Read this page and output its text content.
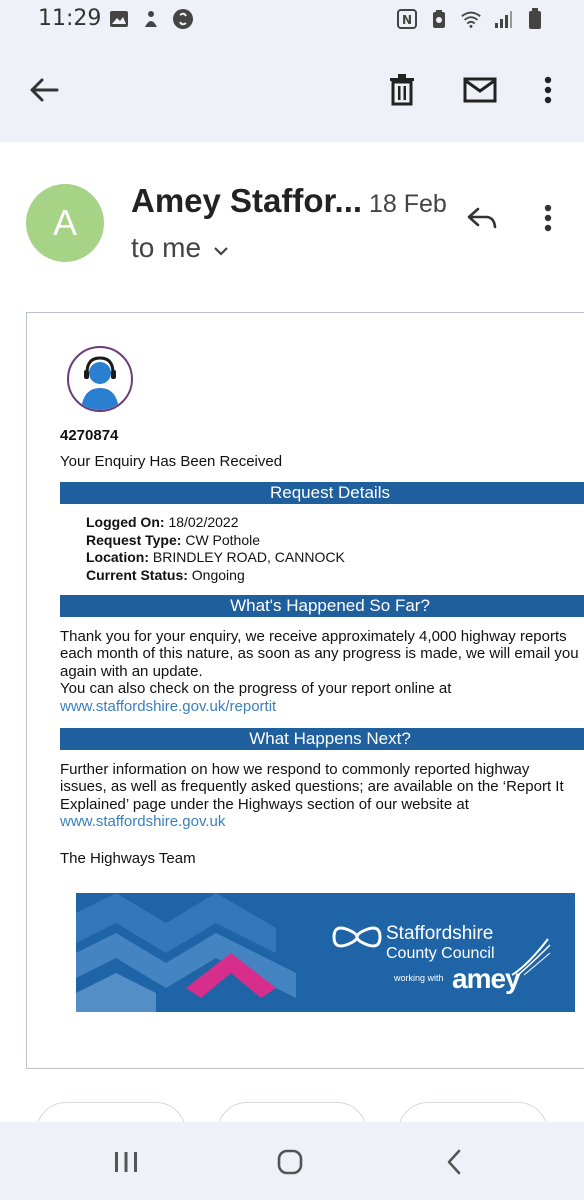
11:29	N
A
Amey Staffor... 18 Feb
to me
4270874
Your Enquiry Has Been Received
Request Details
Logged On: 18/02/2022
Request Type: CW Pothole
Location: BRINDLEY ROAD, CANNOCK
Current Status: Ongoing
What's Happened So Far?
Thank you for your enquiry, we receive approximately 4,000 highway reports
each month of this nature, as soon as any progress is made, we will email you
again with an update.
You can also check on the progress of your report online at
www.staffordshire.gov.uk/reportit
What Happens Next?
Further information on how we respond to commonly reported highway
issues, as well as frequently asked questions; are available on the ‘Report It
Explained’ page under the Highways section of our website at
www.staffordshire.gov.uk
The Highways Team
Staffordshire
County Council
working with amey
